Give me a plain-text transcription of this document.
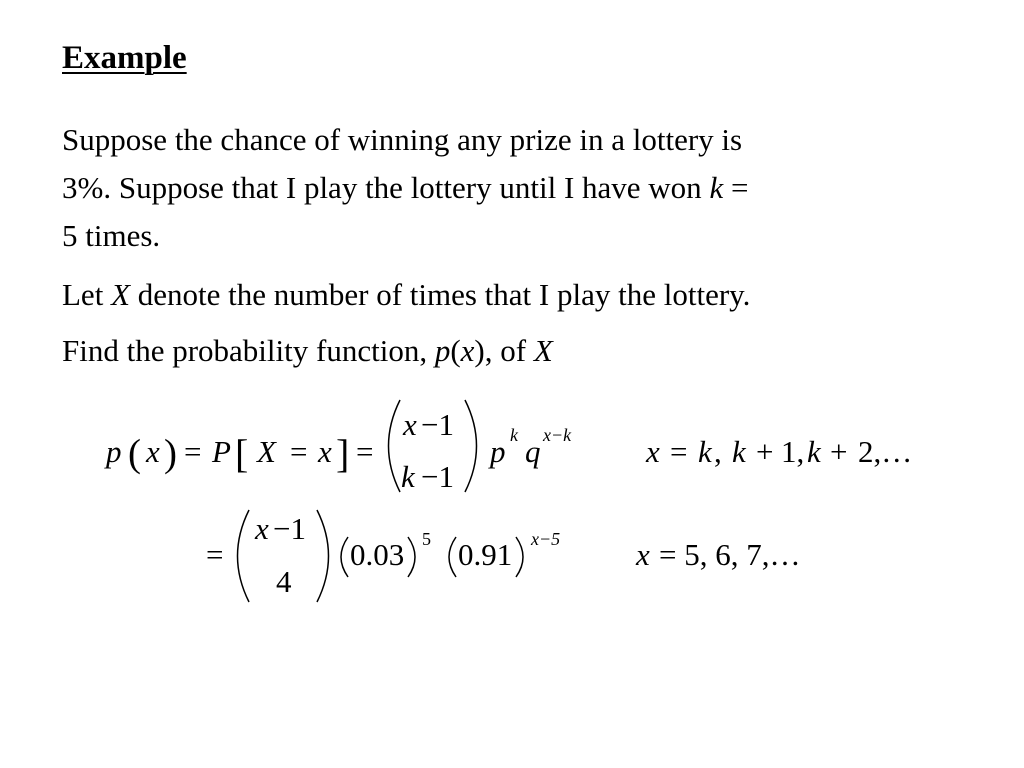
Example

Suppose the chance of winning any prize in a lottery is
3%. Suppose that I play the lottery until I have won k =
5 times.

Let X denote the number of times that I play the lottery.

Find the probability function, p(x), of X

p ( x ) = P [ X = x ] =
x −1
k −1
p k q x−k x = k , k + 1, k + 2,…
=
x −1
4
0.03 5 0.91 x−5 x = 5, 6, 7,…
